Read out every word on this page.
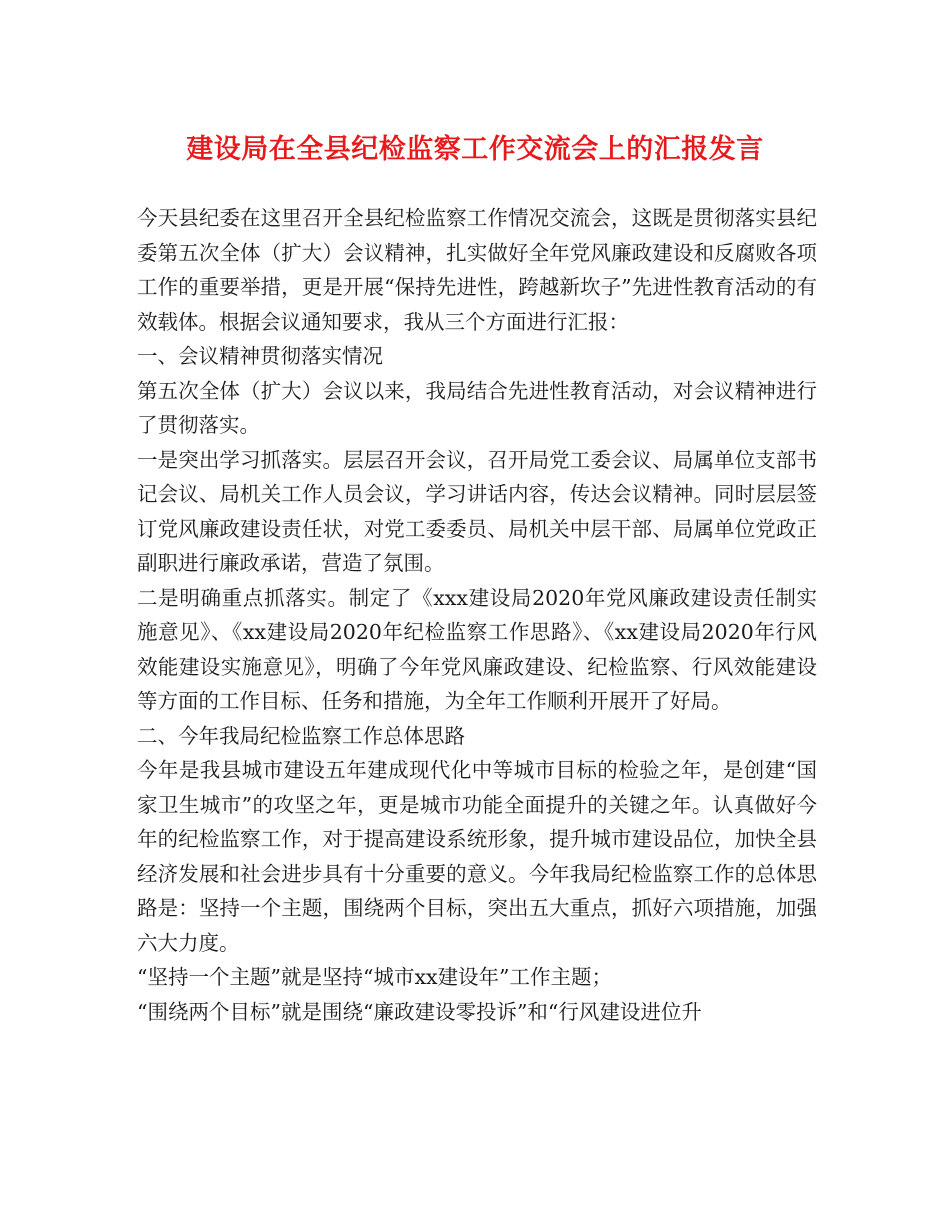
建设局在全县纪检监察工作交流会上的汇报发言

今天县纪委在这里召开全县纪检监察工作情况交流会，这既是贯彻落实县纪委第五次全体（扩大）会议精神，扎实做好全年党风廉政建设和反腐败各项工作的重要举措，更是开展“保持先进性，跨越新坎子”先进性教育活动的有效载体。根据会议通知要求，我从三个方面进行汇报：

一、会议精神贯彻落实情况

第五次全体（扩大）会议以来，我局结合先进性教育活动，对会议精神进行了贯彻落实。

一是突出学习抓落实。层层召开会议，召开局党工委会议、局属单位支部书记会议、局机关工作人员会议，学习讲话内容，传达会议精神。同时层层签订党风廉政建设责任状，对党工委委员、局机关中层干部、局属单位党政正副职进行廉政承诺，营造了氛围。

二是明确重点抓落实。制定了《xxx建设局2020年党风廉政建设责任制实施意见》、《xx建设局2020年纪检监察工作思路》、《xx建设局2020年行风效能建设实施意见》，明确了今年党风廉政建设、纪检监察、行风效能建设等方面的工作目标、任务和措施，为全年工作顺利开展开了好局。

二、今年我局纪检监察工作总体思路

今年是我县城市建设五年建成现代化中等城市目标的检验之年，是创建“国家卫生城市”的攻坚之年，更是城市功能全面提升的关键之年。认真做好今年的纪检监察工作，对于提高建设系统形象，提升城市建设品位，加快全县经济发展和社会进步具有十分重要的意义。今年我局纪检监察工作的总体思路是：坚持一个主题，围绕两个目标，突出五大重点，抓好六项措施，加强六大力度。

“坚持一个主题”就是坚持“城市xx建设年”工作主题；

“围绕两个目标”就是围绕“廉政建设零投诉”和“行风建设进位升
